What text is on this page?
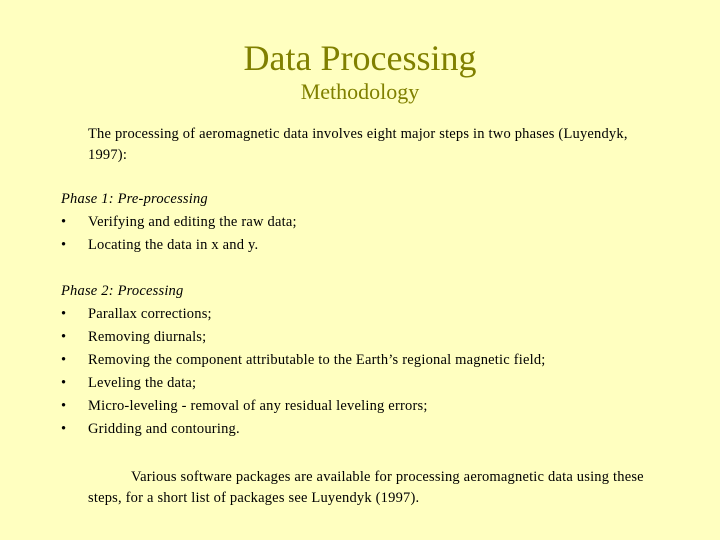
Data Processing
Methodology
The processing of aeromagnetic data involves eight major steps in two phases (Luyendyk, 1997):
Phase 1: Pre-processing
• Verifying and editing the raw data;
• Locating the data in x and y.
Phase 2: Processing
• Parallax corrections;
• Removing diurnals;
• Removing the component attributable to the Earth’s regional magnetic field;
• Leveling the data;
• Micro-leveling - removal of any residual leveling errors;
• Gridding and contouring.
Various software packages are available for processing aeromagnetic data using these steps, for a short list of packages see Luyendyk (1997).
